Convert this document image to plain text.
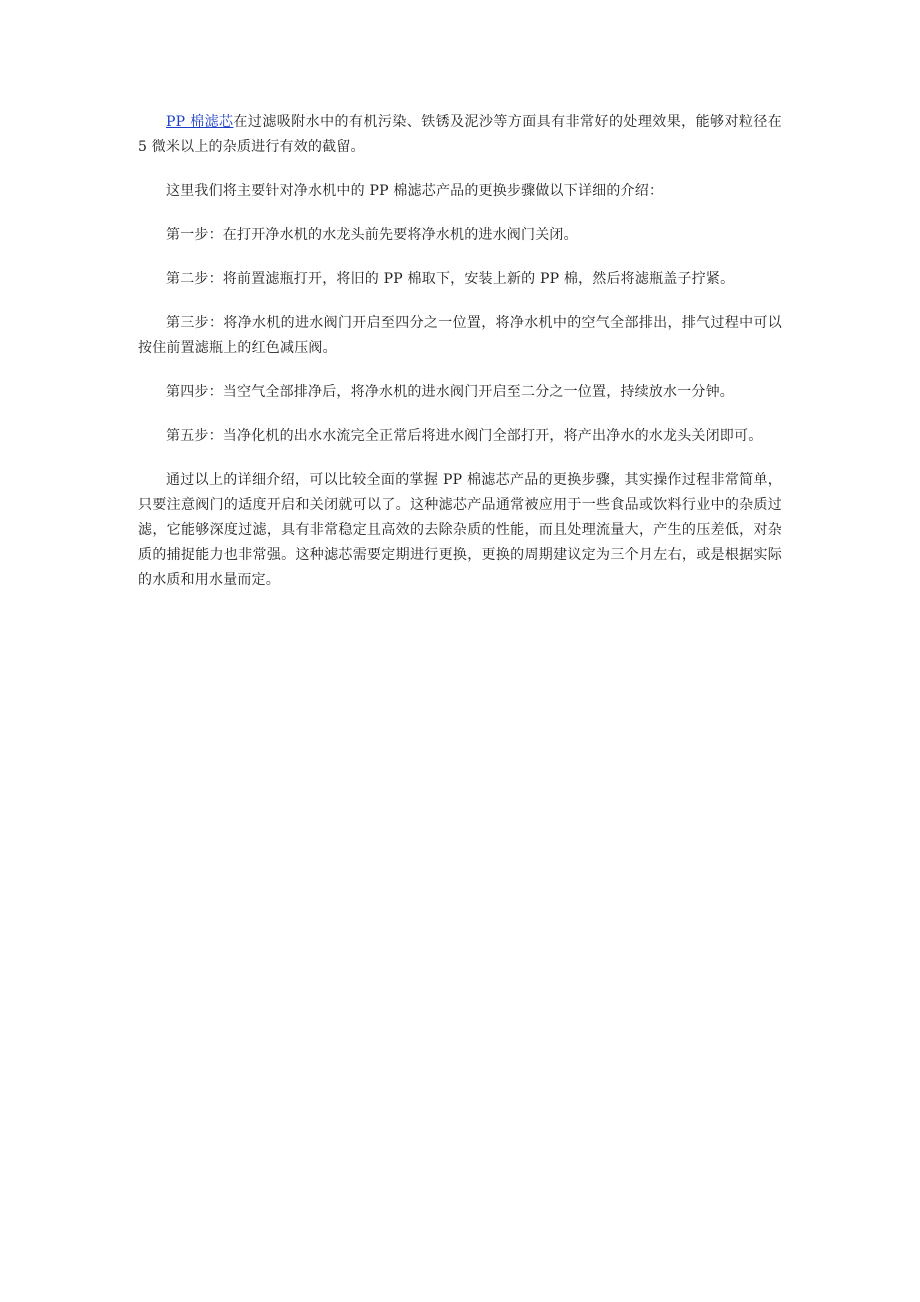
PP 棉滤芯在过滤吸附水中的有机污染、铁锈及泥沙等方面具有非常好的处理效果，能够对粒径在 5 微米以上的杂质进行有效的截留。

这里我们将主要针对净水机中的 PP 棉滤芯产品的更换步骤做以下详细的介绍：

第一步：在打开净水机的水龙头前先要将净水机的进水阀门关闭。

第二步：将前置滤瓶打开，将旧的 PP 棉取下，安装上新的 PP 棉，然后将滤瓶盖子拧紧。

第三步：将净水机的进水阀门开启至四分之一位置，将净水机中的空气全部排出，排气过程中可以按住前置滤瓶上的红色减压阀。

第四步：当空气全部排净后，将净水机的进水阀门开启至二分之一位置，持续放水一分钟。

第五步：当净化机的出水水流完全正常后将进水阀门全部打开，将产出净水的水龙头关闭即可。

通过以上的详细介绍，可以比较全面的掌握 PP 棉滤芯产品的更换步骤，其实操作过程非常简单，只要注意阀门的适度开启和关闭就可以了。这种滤芯产品通常被应用于一些食品或饮料行业中的杂质过滤，它能够深度过滤，具有非常稳定且高效的去除杂质的性能，而且处理流量大，产生的压差低，对杂质的捕捉能力也非常强。这种滤芯需要定期进行更换，更换的周期建议定为三个月左右，或是根据实际的水质和用水量而定。
